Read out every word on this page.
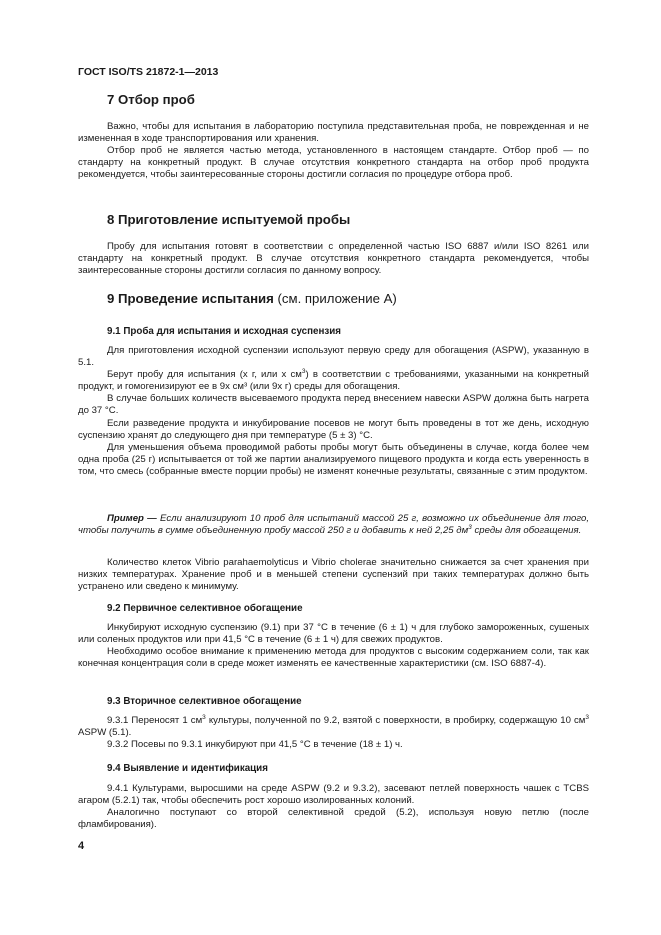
ГОСТ ISO/TS 21872-1—2013
7 Отбор проб

Важно, чтобы для испытания в лабораторию поступила представительная проба, не поврежденная и не измененная в ходе транспортирования или хранения.

Отбор проб не является частью метода, установленного в настоящем стандарте. Отбор проб — по стандарту на конкретный продукт. В случае отсутствия конкретного стандарта на отбор проб продукта рекомендуется, чтобы заинтересованные стороны достигли согласия по процедуре отбора проб.

8 Приготовление испытуемой пробы

Пробу для испытания готовят в соответствии с определенной частью ISO 6887 и/или ISO 8261 или стандарту на конкретный продукт. В случае отсутствия конкретного стандарта рекомендуется, чтобы заинтересованные стороны достигли согласия по данному вопросу.

9 Проведение испытания (см. приложение А)
9.1 Проба для испытания и исходная суспензия

Для приготовления исходной суспензии используют первую среду для обогащения (ASPW), указанную в 5.1.

Берут пробу для испытания (x г, или x $см^3$) в соответствии с требованиями, указанными на конкретный продукт, и гомогенизируют ее в 9x см³ (или 9x г) среды для обогащения.

В случае больших количеств высеваемого продукта перед внесением навески ASPW должна быть нагрета до 37 °С.

Если разведение продукта и инкубирование посевов не могут быть проведены в тот же день, исходную суспензию хранят до следующего дня при температуре (5 ± 3) °С.

Для уменьшения объема проводимой работы пробы могут быть объединены в случае, когда более чем одна проба (25 г) испытывается от той же партии анализируемого пищевого продукта и когда есть уверенность в том, что смесь (собранные вместе порции пробы) не изменят конечные результаты, связанные с этим продуктом.

Пример — Если анализируют 10 проб для испытаний массой 25 г, возможно их объединение для того, чтобы получить в сумме объединенную пробу массой 250 г и добавить к ней 2,25 $дм^3$ среды для обогащения.

Количество клеток Vibrio parahaemolyticus и Vibrio cholerae значительно снижается за счет хранения при низких температурах. Хранение проб и в меньшей степени суспензий при таких температурах должно быть устранено или сведено к минимуму.

9.2 Первичное селективное обогащение

Инкубируют исходную суспензию (9.1) при 37 °С в течение (6 ± 1) ч для глубоко замороженных, сушеных или соленых продуктов или при 41,5 °С в течение (6 ± 1 ч) для свежих продуктов.

Необходимо особое внимание к применению метода для продуктов с высоким содержанием соли, так как конечная концентрация соли в среде может изменять ее качественные характеристики (см. ISO 6887-4).

9.3 Вторичное селективное обогащение

9.3.1 Переносят 1 $см^3$ культуры, полученной по 9.2, взятой с поверхности, в пробирку, содержащую 10 $см^3$ ASPW (5.1).

9.3.2 Посевы по 9.3.1 инкубируют при 41,5 °С в течение (18 ± 1) ч.

9.4 Выявление и идентификация

9.4.1 Культурами, выросшими на среде ASPW (9.2 и 9.3.2), засевают петлей поверхность чашек с TCBS агаром (5.2.1) так, чтобы обеспечить рост хорошо изолированных колоний.

Аналогично поступают со второй селективной средой (5.2), используя новую петлю (после фламбирования).

4
